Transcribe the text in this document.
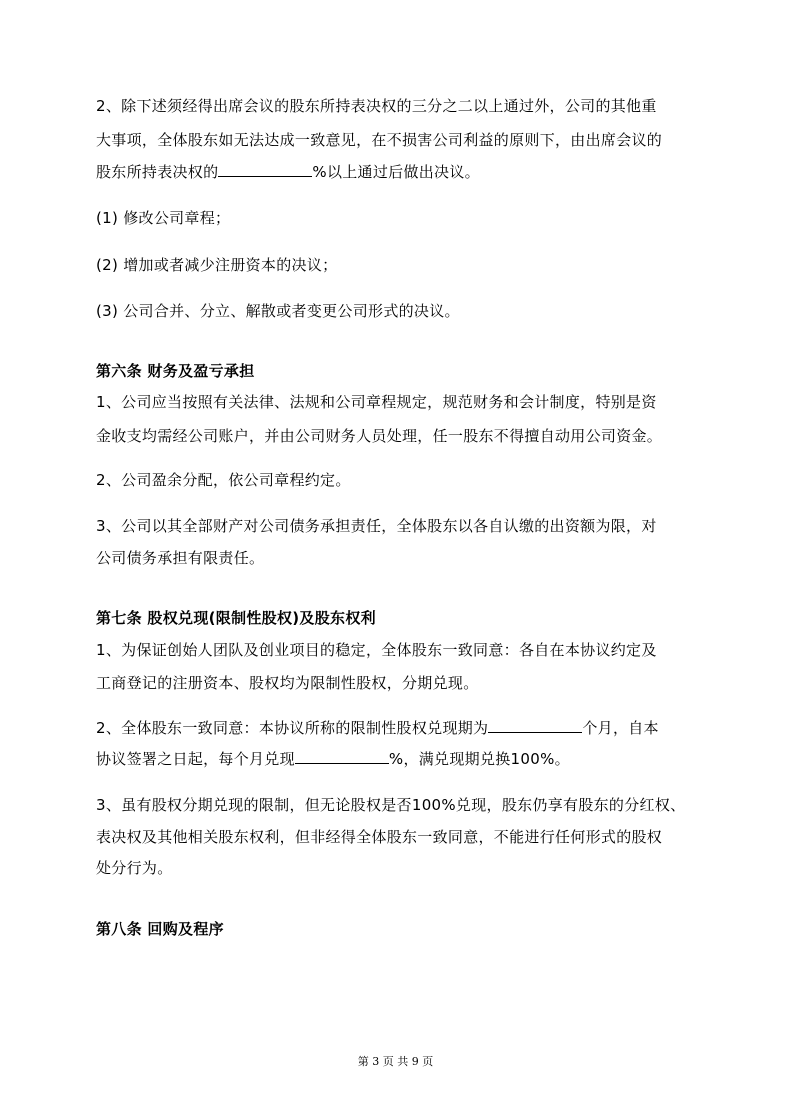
2、除下述须经得出席会议的股东所持表决权的三分之二以上通过外，公司的其他重
大事项，全体股东如无法达成一致意见，在不损害公司利益的原则下，由出席会议的
股东所持表决权的	%以上通过后做出决议。
(1) 修改公司章程；
(2) 增加或者减少注册资本的决议；
(3) 公司合并、分立、解散或者变更公司形式的决议。
第六条 财务及盈亏承担
1、公司应当按照有关法律、法规和公司章程规定，规范财务和会计制度，特别是资
金收支均需经公司账户，并由公司财务人员处理，任一股东不得擅自动用公司资金。
2、公司盈余分配，依公司章程约定。
3、公司以其全部财产对公司债务承担责任，全体股东以各自认缴的出资额为限，对
公司债务承担有限责任。
第七条 股权兑现(限制性股权)及股东权利
1、为保证创始人团队及创业项目的稳定，全体股东一致同意：各自在本协议约定及
工商登记的注册资本、股权均为限制性股权，分期兑现。
2、全体股东一致同意：本协议所称的限制性股权兑现期为	个月，自本
协议签署之日起，每个月兑现	%，满兑现期兑换100%。
3、虽有股权分期兑现的限制，但无论股权是否100%兑现，股东仍享有股东的分红权、
表决权及其他相关股东权利，但非经得全体股东一致同意，不能进行任何形式的股权
处分行为。
第八条 回购及程序
第 3 页 共 9 页
